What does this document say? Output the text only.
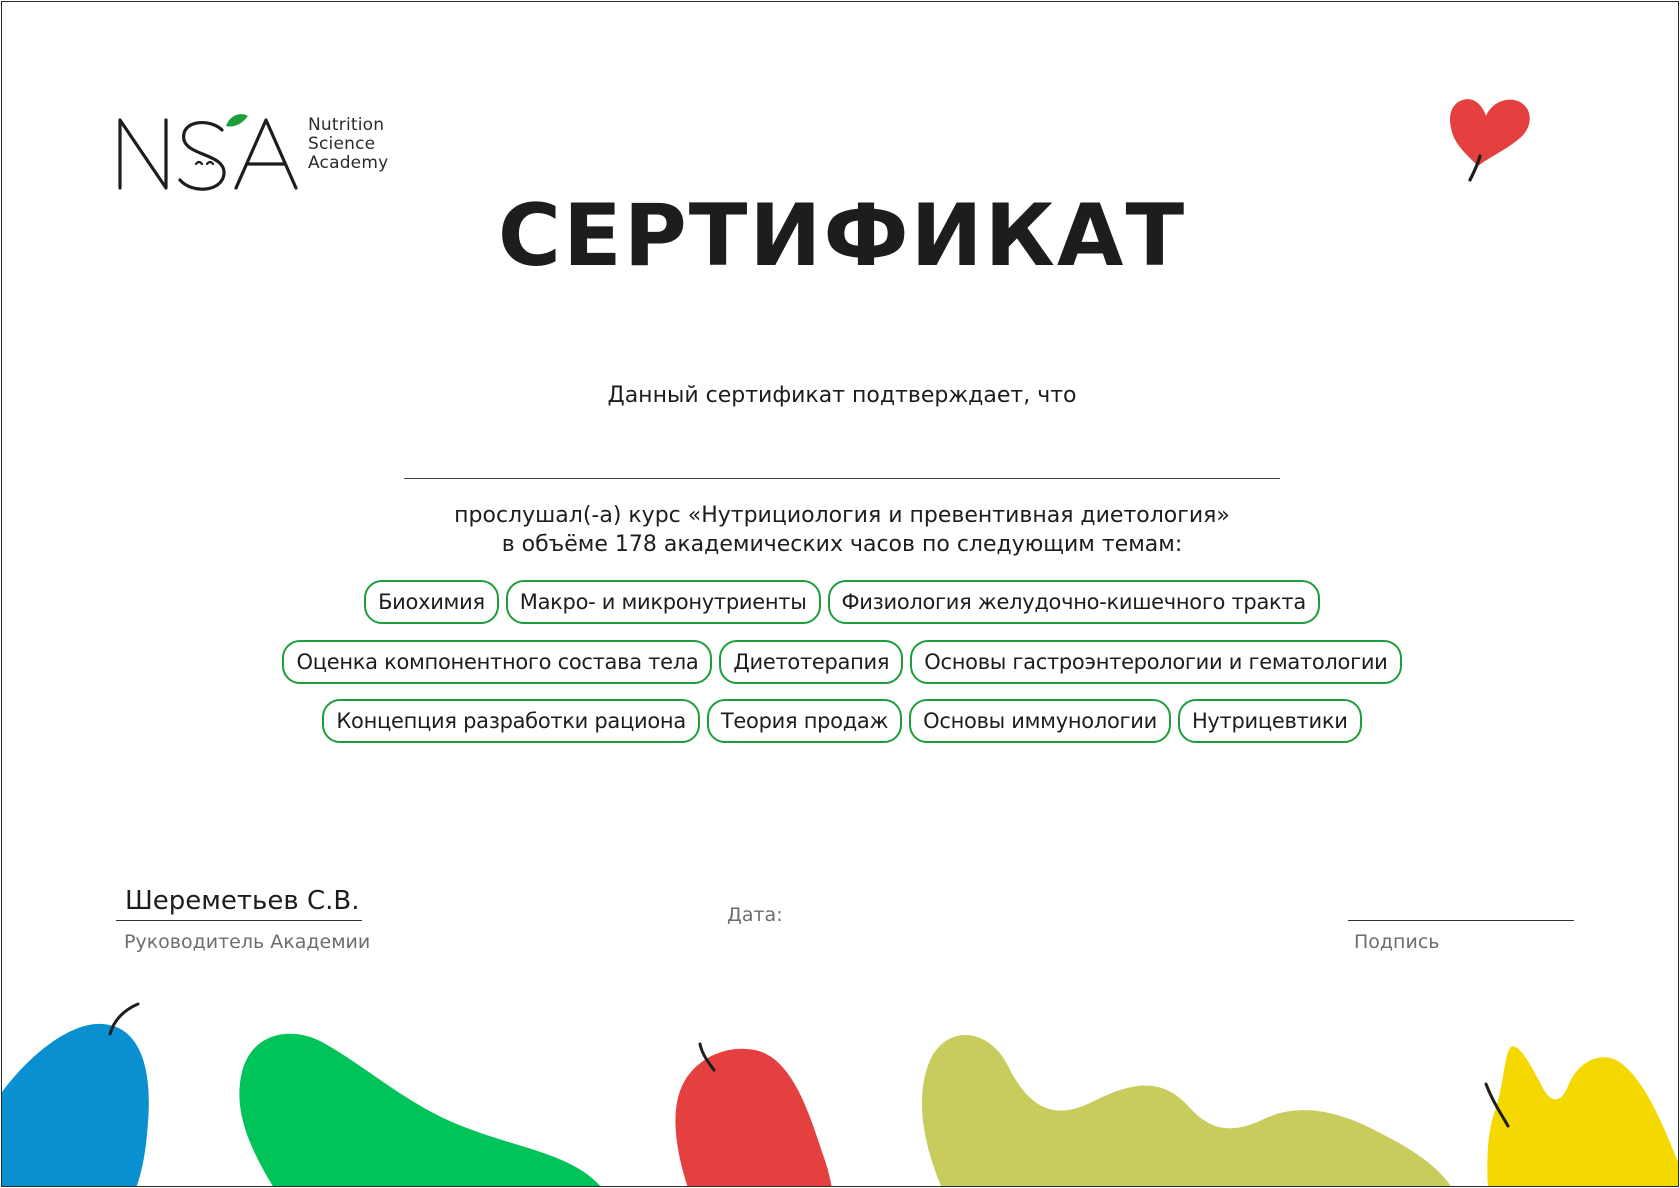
Nutrition
Science
Academy
СЕРТИФИКАТ
Данный сертификат подтверждает, что
прослушал(-а) курс «Нутрициология и превентивная диетология»
в объёме 178 академических часов по следующим темам:
Биохимия	Макро- и микронутриенты	Физиология желудочно-кишечного тракта
Оценка компонентного состава тела	Диетотерапия	Основы гастроэнтерологии и гематологии
Концепция разработки рациона	Теория продаж	Основы иммунологии	Нутрицевтики
Шереметьев С.В.
Руководитель Академии
Дата:
Подпись
